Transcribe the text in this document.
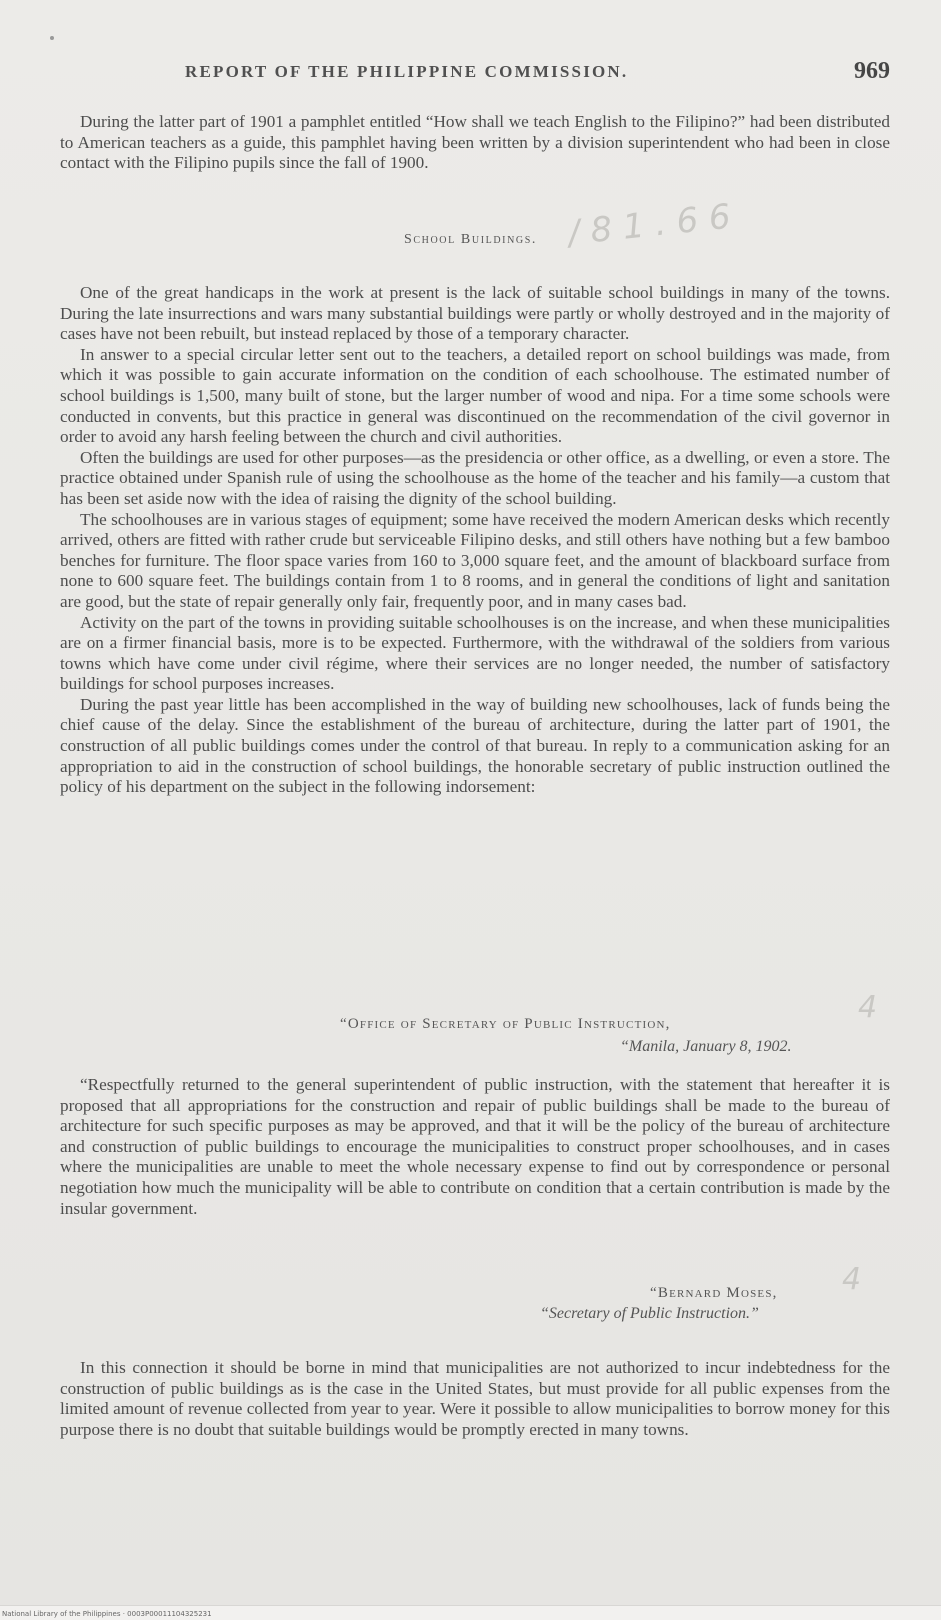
REPORT OF THE PHILIPPINE COMMISSION.	969

During the latter part of 1901 a pamphlet entitled “How shall we teach English to the Filipino?” had been distributed to American teachers as a guide, this pamphlet having been written by a division superintendent who had been in close contact with the Filipino pupils since the fall of 1900.

School Buildings. / 8 1 . 6 6

One of the great handicaps in the work at present is the lack of suitable school buildings in many of the towns. During the late insurrections and wars many substantial buildings were partly or wholly destroyed and in the majority of cases have not been rebuilt, but instead replaced by those of a temporary character.

In answer to a special circular letter sent out to the teachers, a detailed report on school buildings was made, from which it was possible to gain accurate information on the condition of each schoolhouse. The estimated number of school buildings is 1,500, many built of stone, but the larger number of wood and nipa. For a time some schools were conducted in convents, but this practice in general was discontinued on the recommendation of the civil governor in order to avoid any harsh feeling between the church and civil authorities.

Often the buildings are used for other purposes—as the presidencia or other office, as a dwelling, or even a store. The practice obtained under Spanish rule of using the schoolhouse as the home of the teacher and his family—a custom that has been set aside now with the idea of raising the dignity of the school building.

The schoolhouses are in various stages of equipment; some have received the modern American desks which recently arrived, others are fitted with rather crude but serviceable Filipino desks, and still others have nothing but a few bamboo benches for furniture. The floor space varies from 160 to 3,000 square feet, and the amount of blackboard surface from none to 600 square feet. The buildings contain from 1 to 8 rooms, and in general the conditions of light and sanitation are good, but the state of repair generally only fair, frequently poor, and in many cases bad.

Activity on the part of the towns in providing suitable schoolhouses is on the increase, and when these municipalities are on a firmer financial basis, more is to be expected. Furthermore, with the withdrawal of the soldiers from various towns which have come under civil régime, where their services are no longer needed, the number of satisfactory buildings for school purposes increases.

During the past year little has been accomplished in the way of building new schoolhouses, lack of funds being the chief cause of the delay. Since the establishment of the bureau of architecture, during the latter part of 1901, the construction of all public buildings comes under the control of that bureau. In reply to a communication asking for an appropriation to aid in the construction of school buildings, the honorable secretary of public instruction outlined the policy of his department on the subject in the following indorsement:

“Office of Secretary of Public Instruction,	4
“Manila, January 8, 1902.

“Respectfully returned to the general superintendent of public instruction, with the statement that hereafter it is proposed that all appropriations for the construction and repair of public buildings shall be made to the bureau of architecture for such specific purposes as may be approved, and that it will be the policy of the bureau of architecture and construction of public buildings to encourage the municipalities to construct proper schoolhouses, and in cases where the municipalities are unable to meet the whole necessary expense to find out by correspondence or personal negotiation how much the municipality will be able to contribute on condition that a certain contribution is made by the insular government.

“Bernard Moses, 4
“Secretary of Public Instruction.”

In this connection it should be borne in mind that municipalities are not authorized to incur indebtedness for the construction of public buildings as is the case in the United States, but must provide for all public expenses from the limited amount of revenue collected from year to year. Were it possible to allow municipalities to borrow money for this purpose there is no doubt that suitable buildings would be promptly erected in many towns.

National Library of the Philippines · 0003P00011104325231
